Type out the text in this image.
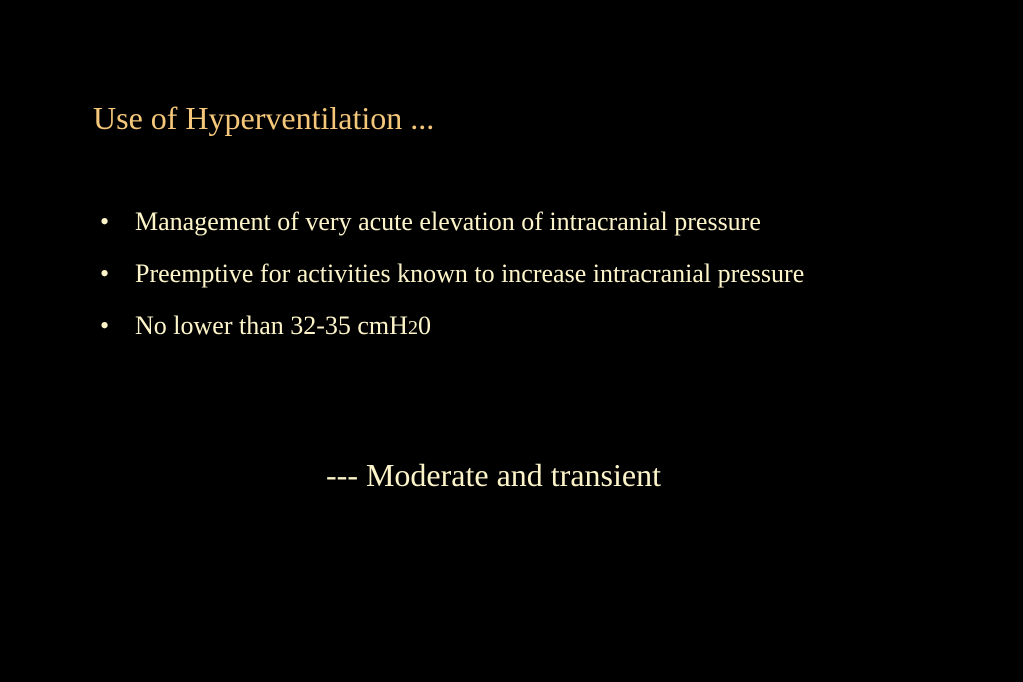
Use of Hyperventilation ...
• Management of very acute elevation of intracranial pressure
• Preemptive for activities known to increase intracranial pressure
• No lower than 32-35 cmH20
--- Moderate and transient
